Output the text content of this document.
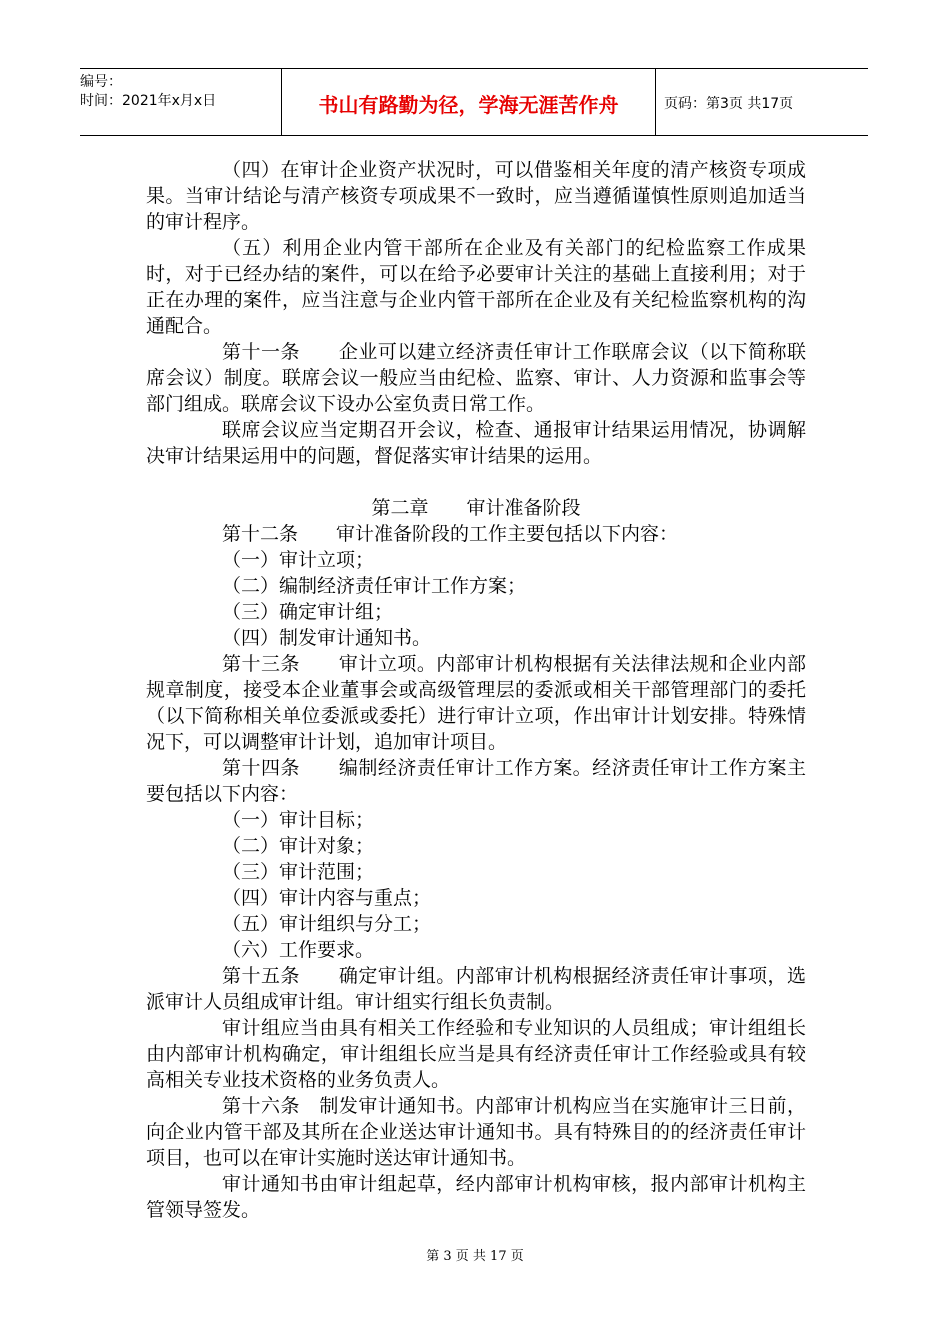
编号：
时间：2021年x月x日	书山有路勤为径，学海无涯苦作舟	页码：第3页 共17页

（四）在审计企业资产状况时，可以借鉴相关年度的清产核资专项成果。当审计结论与清产核资专项成果不一致时，应当遵循谨慎性原则追加适当的审计程序。

（五）利用企业内管干部所在企业及有关部门的纪检监察工作成果时，对于已经办结的案件，可以在给予必要审计关注的基础上直接利用；对于正在办理的案件，应当注意与企业内管干部所在企业及有关纪检监察机构的沟通配合。

第十一条　　企业可以建立经济责任审计工作联席会议（以下简称联席会议）制度。联席会议一般应当由纪检、监察、审计、人力资源和监事会等部门组成。联席会议下设办公室负责日常工作。

联席会议应当定期召开会议，检查、通报审计结果运用情况，协调解决审计结果运用中的问题，督促落实审计结果的运用。

第二章　　审计准备阶段

第十二条　　审计准备阶段的工作主要包括以下内容：

（一）审计立项；

（二）编制经济责任审计工作方案；

（三）确定审计组；

（四）制发审计通知书。

第十三条　　审计立项。内部审计机构根据有关法律法规和企业内部规章制度，接受本企业董事会或高级管理层的委派或相关干部管理部门的委托（以下简称相关单位委派或委托）进行审计立项，作出审计计划安排。特殊情况下，可以调整审计计划，追加审计项目。

第十四条　　编制经济责任审计工作方案。经济责任审计工作方案主要包括以下内容：

（一）审计目标；

（二）审计对象；

（三）审计范围；

（四）审计内容与重点；

（五）审计组织与分工；

（六）工作要求。

第十五条　　确定审计组。内部审计机构根据经济责任审计事项，选派审计人员组成审计组。审计组实行组长负责制。

审计组应当由具有相关工作经验和专业知识的人员组成；审计组组长由内部审计机构确定，审计组组长应当是具有经济责任审计工作经验或具有较高相关专业技术资格的业务负责人。

第十六条　制发审计通知书。内部审计机构应当在实施审计三日前，向企业内管干部及其所在企业送达审计通知书。具有特殊目的的经济责任审计项目，也可以在审计实施时送达审计通知书。

审计通知书由审计组起草，经内部审计机构审核，报内部审计机构主管领导签发。

第 3 页 共 17 页
